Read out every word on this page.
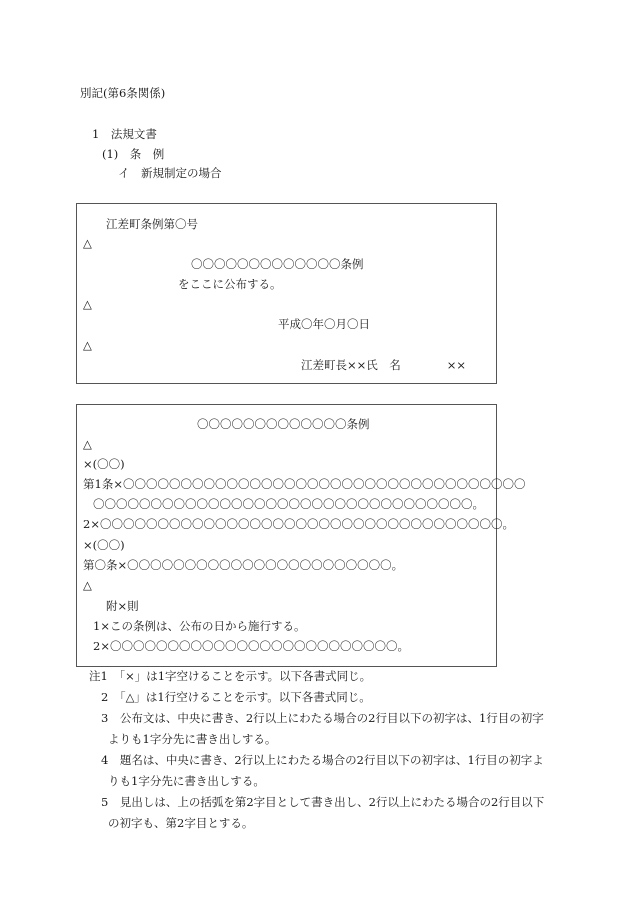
別記(第6条関係)
1　法規文書
(1)　条　例
イ　新規制定の場合
江差町条例第〇号
△
〇〇〇〇〇〇〇〇〇〇〇〇〇条例
をここに公布する。
△
平成〇年〇月〇日
△
江差町長××氏　名　　　　××
〇〇〇〇〇〇〇〇〇〇〇〇〇条例
△
×(〇〇)
第1条×〇〇〇〇〇〇〇〇〇〇〇〇〇〇〇〇〇〇〇〇〇〇〇〇〇〇〇〇〇〇〇〇〇〇〇
〇〇〇〇〇〇〇〇〇〇〇〇〇〇〇〇〇〇〇〇〇〇〇〇〇〇〇〇〇〇〇〇〇。
2×〇〇〇〇〇〇〇〇〇〇〇〇〇〇〇〇〇〇〇〇〇〇〇〇〇〇〇〇〇〇〇〇〇〇〇。
×(〇〇)
第〇条×〇〇〇〇〇〇〇〇〇〇〇〇〇〇〇〇〇〇〇〇〇〇〇。
△
附×則
1×この条例は、公布の日から施行する。
2×〇〇〇〇〇〇〇〇〇〇〇〇〇〇〇〇〇〇〇〇〇〇〇〇〇。
注1　「×」は1字空けることを示す。以下各書式同じ。
2　「△」は1行空けることを示す。以下各書式同じ。
3　公布文は、中央に書き、2行以上にわたる場合の2行目以下の初字は、1行目の初字
よりも1字分先に書き出しする。
4　題名は、中央に書き、2行以上にわたる場合の2行目以下の初字は、1行目の初字よ
りも1字分先に書き出しする。
5　見出しは、上の括弧を第2字目として書き出し、2行以上にわたる場合の2行目以下
の初字も、第2字目とする。
